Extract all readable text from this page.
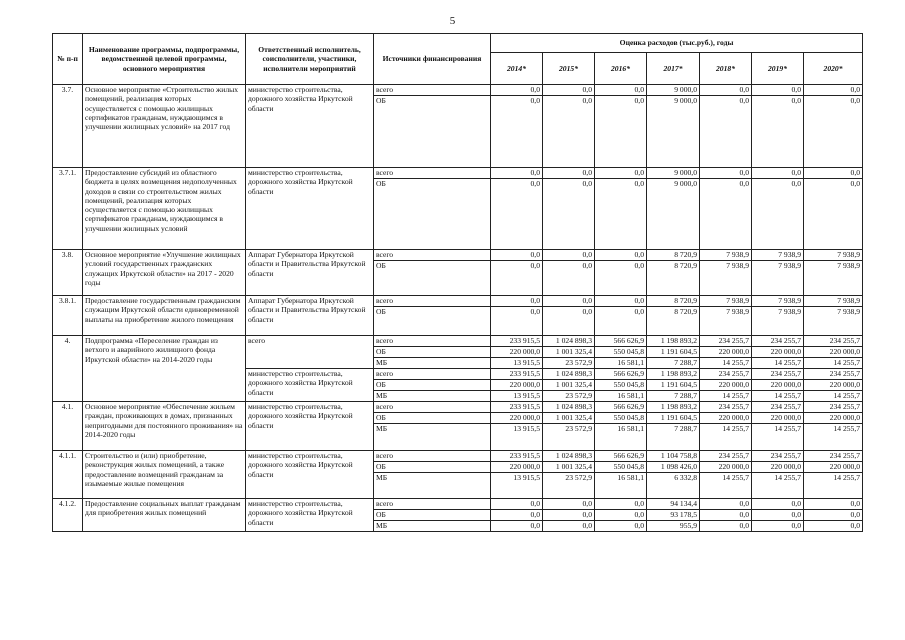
5
№ п-п	Наименование программы, подпрограммы, ведомственной целевой программы, основного мероприятия	Ответственный исполнитель, соисполнители, участники, исполнители мероприятий	Источники финансирования	Оценка расходов (тыс.руб.), годы						
				2014*	2015*	2016*	2017*	2018*	2019*	2020*
3.7.	Основное мероприятие «Строительство жилых помещений, реализация которых осуществляется с помощью жилищных сертификатов гражданам, нуждающимся в улучшении жилищных условий» на 2017 год	министерство строительства, дорожного хозяйства Иркутской области	всего	0,0	0,0	0,0	9 000,0	0,0	0,0	0,0
			ОБ	0,0	0,0	0,0	9 000,0	0,0	0,0	0,0
3.7.1.	Предоставление субсидий из областного бюджета в целях возмещения недополученных доходов в связи со строительством жилых помещений, реализация которых осуществляется с помощью жилищных сертификатов гражданам, нуждающимся в улучшении жилищных условий	министерство строительства, дорожного хозяйства Иркутской области	всего	0,0	0,0	0,0	9 000,0	0,0	0,0	0,0
			ОБ	0,0	0,0	0,0	9 000,0	0,0	0,0	0,0
3.8.	Основное мероприятие «Улучшение жилищных условий государственных гражданских служащих Иркутской области» на 2017 - 2020 годы	Аппарат Губернатора Иркутской области и Правительства Иркутской области	всего	0,0	0,0	0,0	8 720,9	7 938,9	7 938,9	7 938,9
			ОБ	0,0	0,0	0,0	8 720,9	7 938,9	7 938,9	7 938,9
3.8.1.	Предоставление государственным гражданским служащим Иркутской области единовременной выплаты на приобретение жилого помещения	Аппарат Губернатора Иркутской области и Правительства Иркутской области	всего	0,0	0,0	0,0	8 720,9	7 938,9	7 938,9	7 938,9
			ОБ	0,0	0,0	0,0	8 720,9	7 938,9	7 938,9	7 938,9
4.	Подпрограмма «Переселение граждан из ветхого и аварийного жилищного фонда Иркутской области» на 2014-2020 годы	всего	всего	233 915,5	1 024 898,3	566 626,9	1 198 893,2	234 255,7	234 255,7	234 255,7
			ОБ	220 000,0	1 001 325,4	550 045,8	1 191 604,5	220 000,0	220 000,0	220 000,0
			МБ	13 915,5	23 572,9	16 581,1	7 288,7	14 255,7	14 255,7	14 255,7
		министерство строительства, дорожного хозяйства Иркутской области	всего	233 915,5	1 024 898,3	566 626,9	1 198 893,2	234 255,7	234 255,7	234 255,7
			ОБ	220 000,0	1 001 325,4	550 045,8	1 191 604,5	220 000,0	220 000,0	220 000,0
			МБ	13 915,5	23 572,9	16 581,1	7 288,7	14 255,7	14 255,7	14 255,7
4.1.	Основное мероприятие «Обеспечение жильем граждан, проживающих в домах, признанных непригодными для постоянного проживания» на 2014-2020 годы	министерство строительства, дорожного хозяйства Иркутской области	всего	233 915,5	1 024 898,3	566 626,9	1 198 893,2	234 255,7	234 255,7	234 255,7
			ОБ	220 000,0	1 001 325,4	550 045,8	1 191 604,5	220 000,0	220 000,0	220 000,0
			МБ	13 915,5	23 572,9	16 581,1	7 288,7	14 255,7	14 255,7	14 255,7
4.1.1.	Строительство и (или) приобретение, реконструкция жилых помещений, а также предоставление возмещений гражданам за изымаемые жилые помещения	министерство строительства, дорожного хозяйства Иркутской области	всего	233 915,5	1 024 898,3	566 626,9	1 104 758,8	234 255,7	234 255,7	234 255,7
			ОБ	220 000,0	1 001 325,4	550 045,8	1 098 426,0	220 000,0	220 000,0	220 000,0
			МБ	13 915,5	23 572,9	16 581,1	6 332,8	14 255,7	14 255,7	14 255,7
4.1.2.	Предоставление социальных выплат гражданам для приобретения жилых помещений	министерство строительства, дорожного хозяйства Иркутской области	всего	0,0	0,0	0,0	94 134,4	0,0	0,0	0,0
			ОБ	0,0	0,0	0,0	93 178,5	0,0	0,0	0,0
			МБ	0,0	0,0	0,0	955,9	0,0	0,0	0,0
